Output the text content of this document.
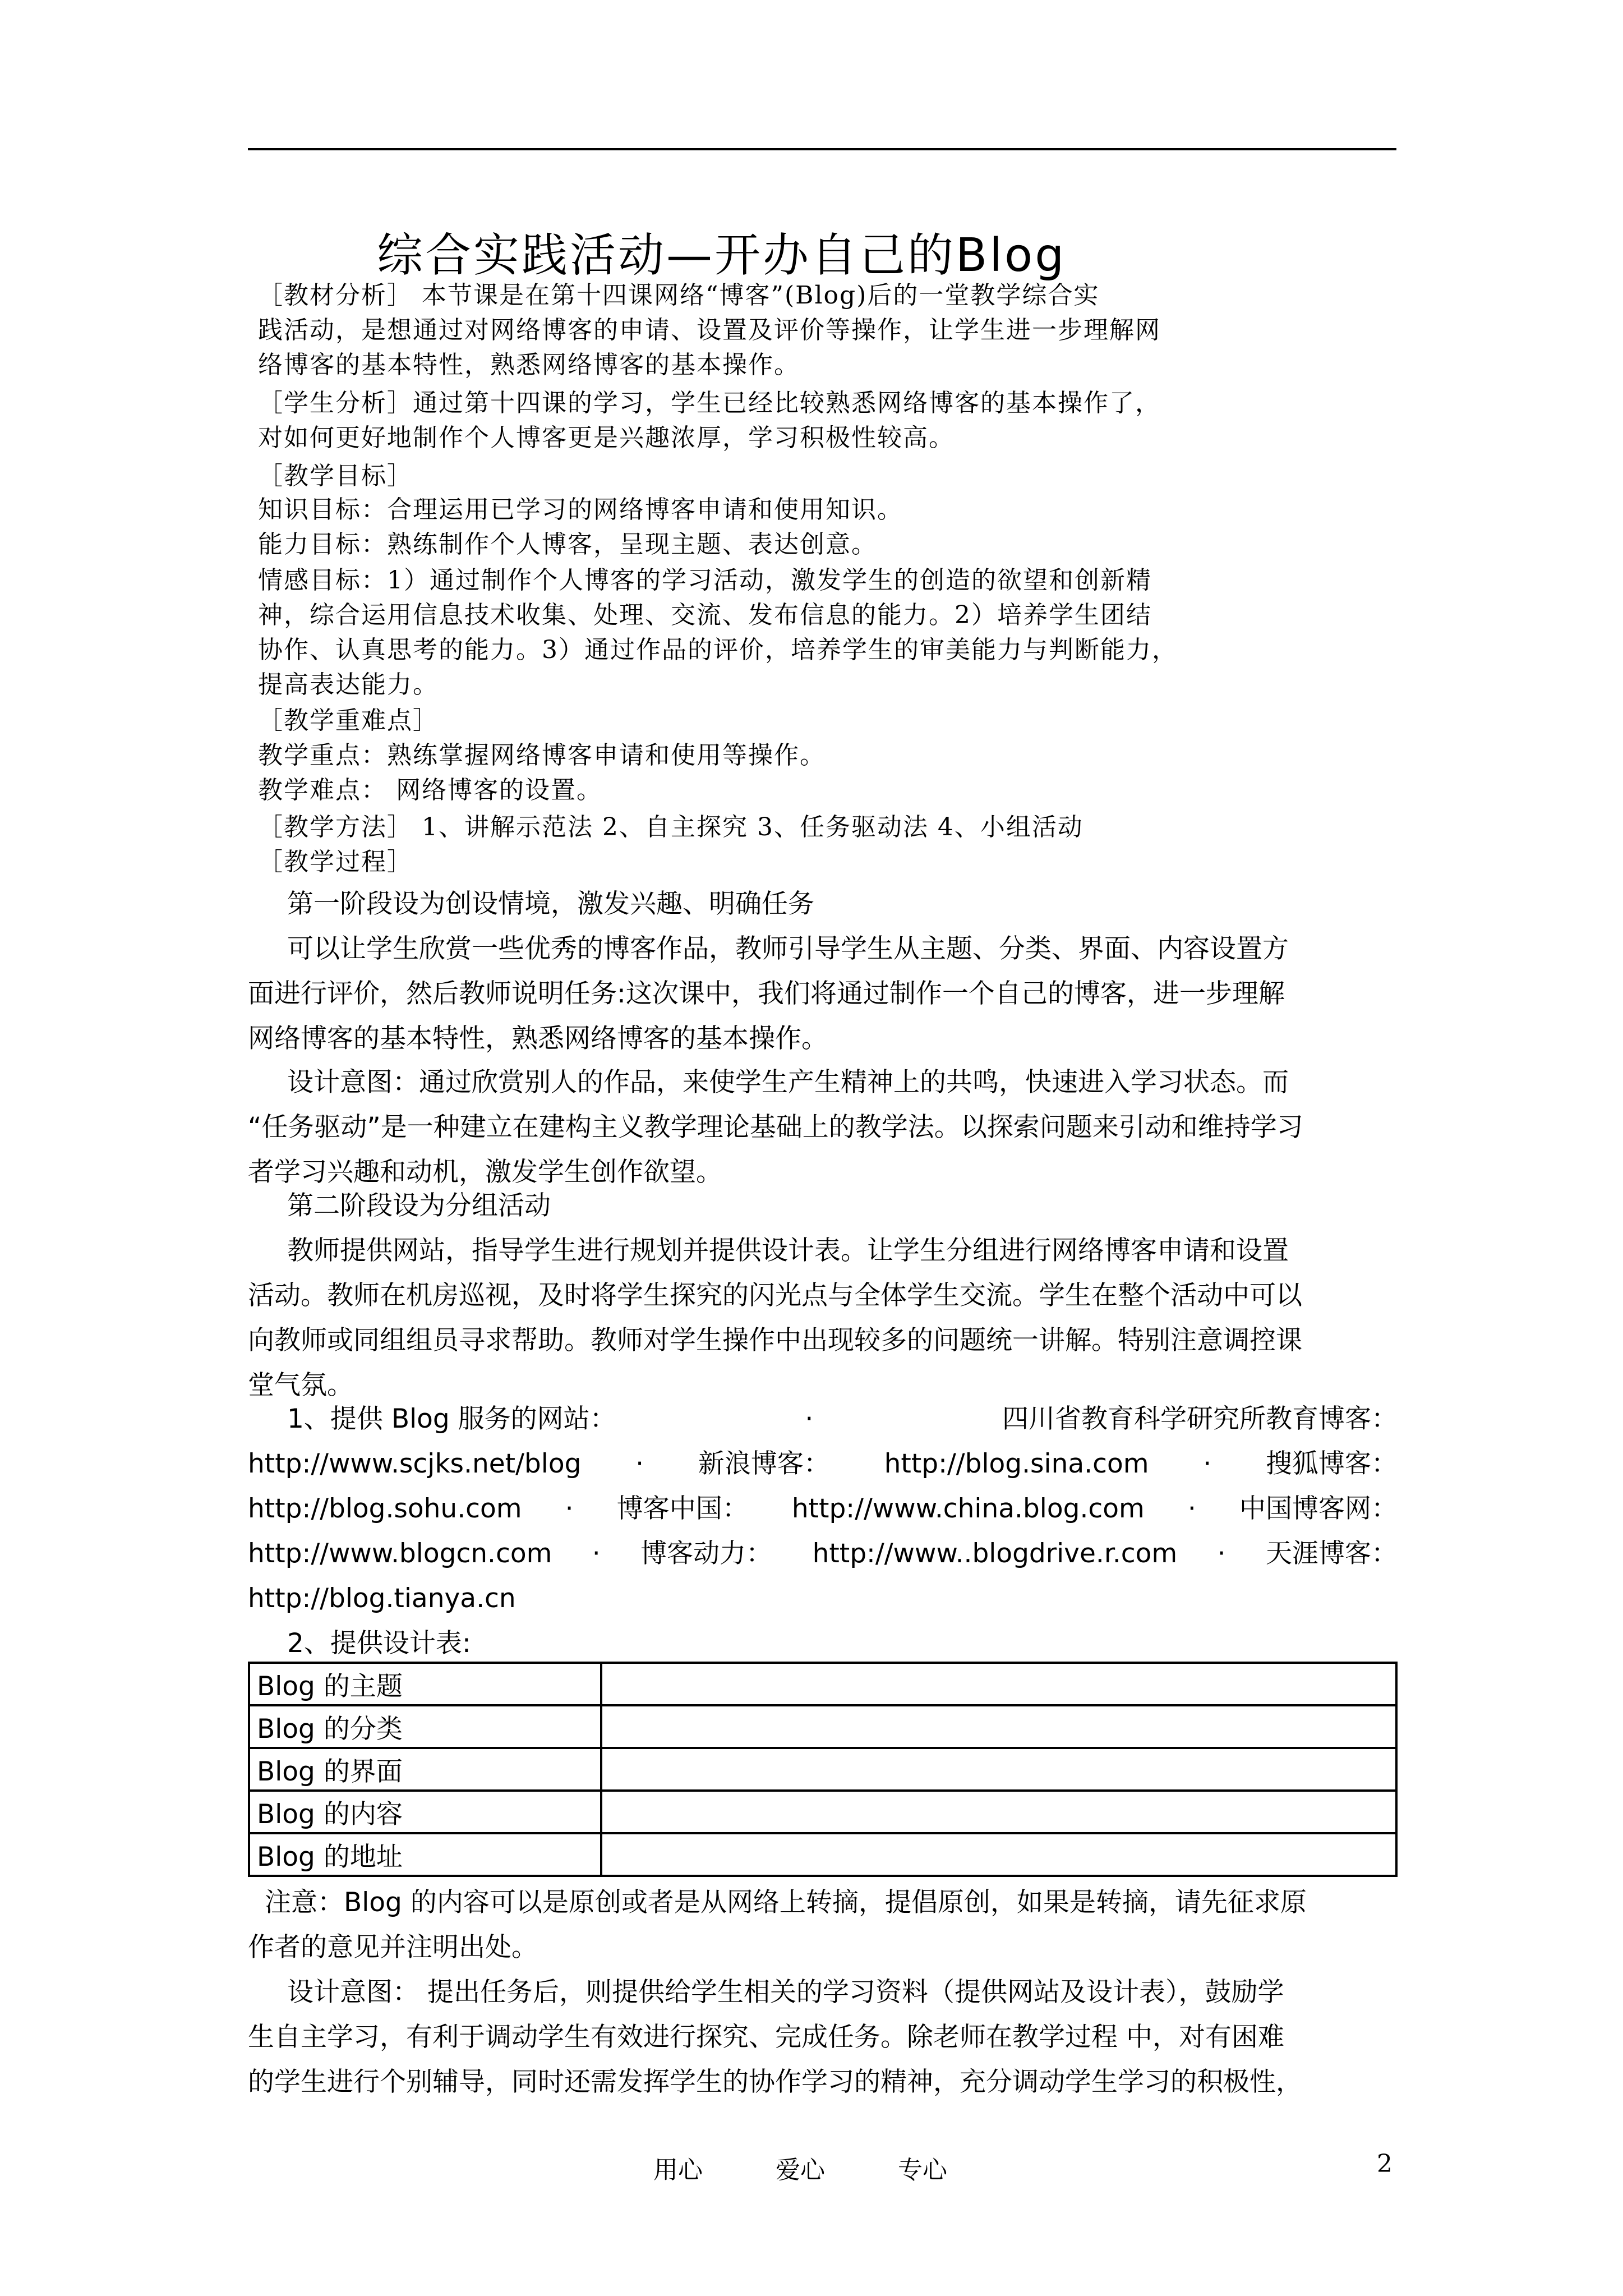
综合实践活动—开办自己的Blog
［教材分析］ 本节课是在第十四课网络“博客”(Blog)后的一堂教学综合实
践活动，是想通过对网络博客的申请、设置及评价等操作，让学生进一步理解网
络博客的基本特性，熟悉网络博客的基本操作。
［学生分析］通过第十四课的学习，学生已经比较熟悉网络博客的基本操作了，
对如何更好地制作个人博客更是兴趣浓厚，学习积极性较高。
［教学目标］
知识目标：合理运用已学习的网络博客申请和使用知识。
能力目标：熟练制作个人博客，呈现主题、表达创意。
情感目标：1）通过制作个人博客的学习活动，激发学生的创造的欲望和创新精
神，综合运用信息技术收集、处理、交流、发布信息的能力。2）培养学生团结
协作、认真思考的能力。3）通过作品的评价，培养学生的审美能力与判断能力，
提高表达能力。
［教学重难点］
教学重点：熟练掌握网络博客申请和使用等操作。
教学难点： 网络博客的设置。
［教学方法］ 1、讲解示范法 2、自主探究 3、任务驱动法 4、小组活动
［教学过程］
第一阶段设为创设情境，激发兴趣、明确任务
可以让学生欣赏一些优秀的博客作品，教师引导学生从主题、分类、界面、内容设置方
面进行评价，然后教师说明任务:这次课中，我们将通过制作一个自己的博客，进一步理解
网络博客的基本特性，熟悉网络博客的基本操作。
设计意图：通过欣赏别人的作品，来使学生产生精神上的共鸣，快速进入学习状态。而
“任务驱动”是一种建立在建构主义教学理论基础上的教学法。以探索问题来引动和维持学习
者学习兴趣和动机，激发学生创作欲望。
第二阶段设为分组活动
教师提供网站，指导学生进行规划并提供设计表。让学生分组进行网络博客申请和设置
活动。教师在机房巡视，及时将学生探究的闪光点与全体学生交流。学生在整个活动中可以
向教师或同组组员寻求帮助。教师对学生操作中出现较多的问题统一讲解。特别注意调控课
堂气氛。
1、提供 Blog 服务的网站：	·	四川省教育科学研究所教育博客：
http://www.scjks.net/blog · 新浪博客： http://blog.sina.com · 搜狐博客：
http://blog.sohu.com · 博客中国： http://www.china.blog.com · 中国博客网：
http://www.blogcn.com · 博客动力： http://www..blogdrive.r.com · 天涯博客：
http://blog.tianya.cn
2、提供设计表:
Blog 的主题	
Blog 的分类	
Blog 的界面	
Blog 的内容	
Blog 的地址	
注意：Blog 的内容可以是原创或者是从网络上转摘，提倡原创，如果是转摘，请先征求原
作者的意见并注明出处。
设计意图： 提出任务后，则提供给学生相关的学习资料（提供网站及设计表），鼓励学
生自主学习，有利于调动学生有效进行探究、完成任务。除老师在教学过程 中，对有困难
的学生进行个别辅导，同时还需发挥学生的协作学习的精神，充分调动学生学习的积极性，
用心	爱心	专心	2
